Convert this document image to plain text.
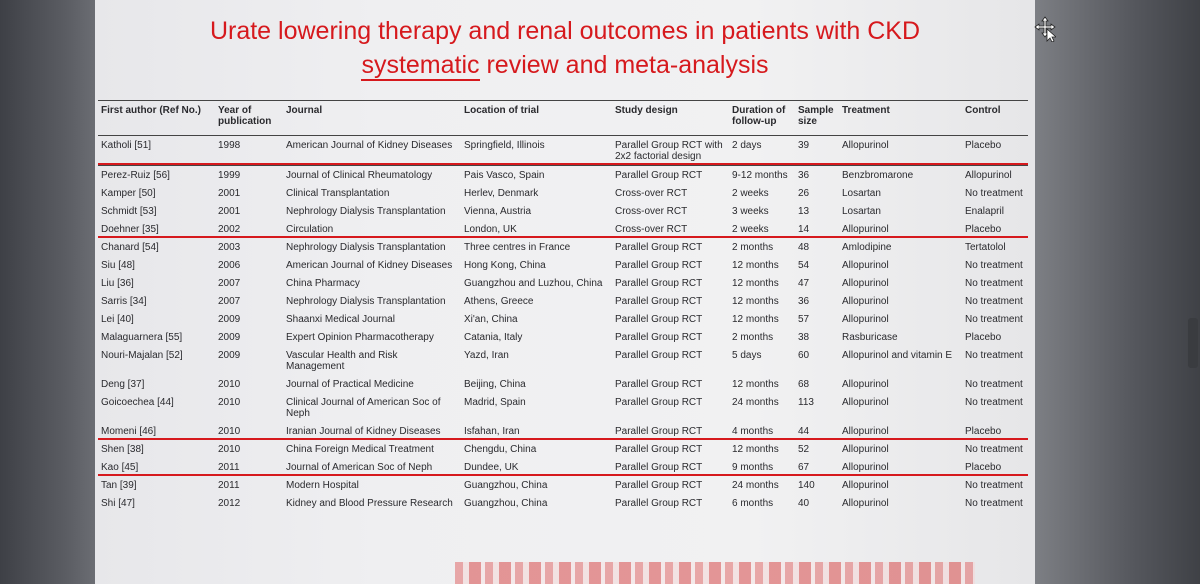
Urate lowering therapy and renal outcomes in patients with CKD
systematic review and meta-analysis
First author (Ref No.)	Year of publication	Journal	Location of trial	Study design	Duration of follow-up	Sample size	Treatment	Control
Katholi [51]	1998	American Journal of Kidney Diseases	Springfield, Illinois	Parallel Group RCT with 2x2 factorial design	2 days	39	Allopurinol	Placebo
Perez-Ruiz [56]	1999	Journal of Clinical Rheumatology	Pais Vasco, Spain	Parallel Group RCT	9-12 months	36	Benzbromarone	Allopurinol
Kamper [50]	2001	Clinical Transplantation	Herlev, Denmark	Cross-over RCT	2 weeks	26	Losartan	No treatment
Schmidt [53]	2001	Nephrology Dialysis Transplantation	Vienna, Austria	Cross-over RCT	3 weeks	13	Losartan	Enalapril
Doehner [35]	2002	Circulation	London, UK	Cross-over RCT	2 weeks	14	Allopurinol	Placebo
Chanard [54]	2003	Nephrology Dialysis Transplantation	Three centres in France	Parallel Group RCT	2 months	48	Amlodipine	Tertatolol
Siu [48]	2006	American Journal of Kidney Diseases	Hong Kong, China	Parallel Group RCT	12 months	54	Allopurinol	No treatment
Liu [36]	2007	China Pharmacy	Guangzhou and Luzhou, China	Parallel Group RCT	12 months	47	Allopurinol	No treatment
Sarris [34]	2007	Nephrology Dialysis Transplantation	Athens, Greece	Parallel Group RCT	12 months	36	Allopurinol	No treatment
Lei [40]	2009	Shaanxi Medical Journal	Xi'an, China	Parallel Group RCT	12 months	57	Allopurinol	No treatment
Malaguarnera [55]	2009	Expert Opinion Pharmacotherapy	Catania, Italy	Parallel Group RCT	2 months	38	Rasburicase	Placebo
Nouri-Majalan [52]	2009	Vascular Health and Risk Management	Yazd, Iran	Parallel Group RCT	5 days	60	Allopurinol and vitamin E	No treatment
Deng [37]	2010	Journal of Practical Medicine	Beijing, China	Parallel Group RCT	12 months	68	Allopurinol	No treatment
Goicoechea [44]	2010	Clinical Journal of American Soc of Neph	Madrid, Spain	Parallel Group RCT	24 months	113	Allopurinol	No treatment
Momeni [46]	2010	Iranian Journal of Kidney Diseases	Isfahan, Iran	Parallel Group RCT	4 months	44	Allopurinol	Placebo
Shen [38]	2010	China Foreign Medical Treatment	Chengdu, China	Parallel Group RCT	12 months	52	Allopurinol	No treatment
Kao [45]	2011	Journal of American Soc of Neph	Dundee, UK	Parallel Group RCT	9 months	67	Allopurinol	Placebo
Tan [39]	2011	Modern Hospital	Guangzhou, China	Parallel Group RCT	24 months	140	Allopurinol	No treatment
Shi [47]	2012	Kidney and Blood Pressure Research	Guangzhou, China	Parallel Group RCT	6 months	40	Allopurinol	No treatment
